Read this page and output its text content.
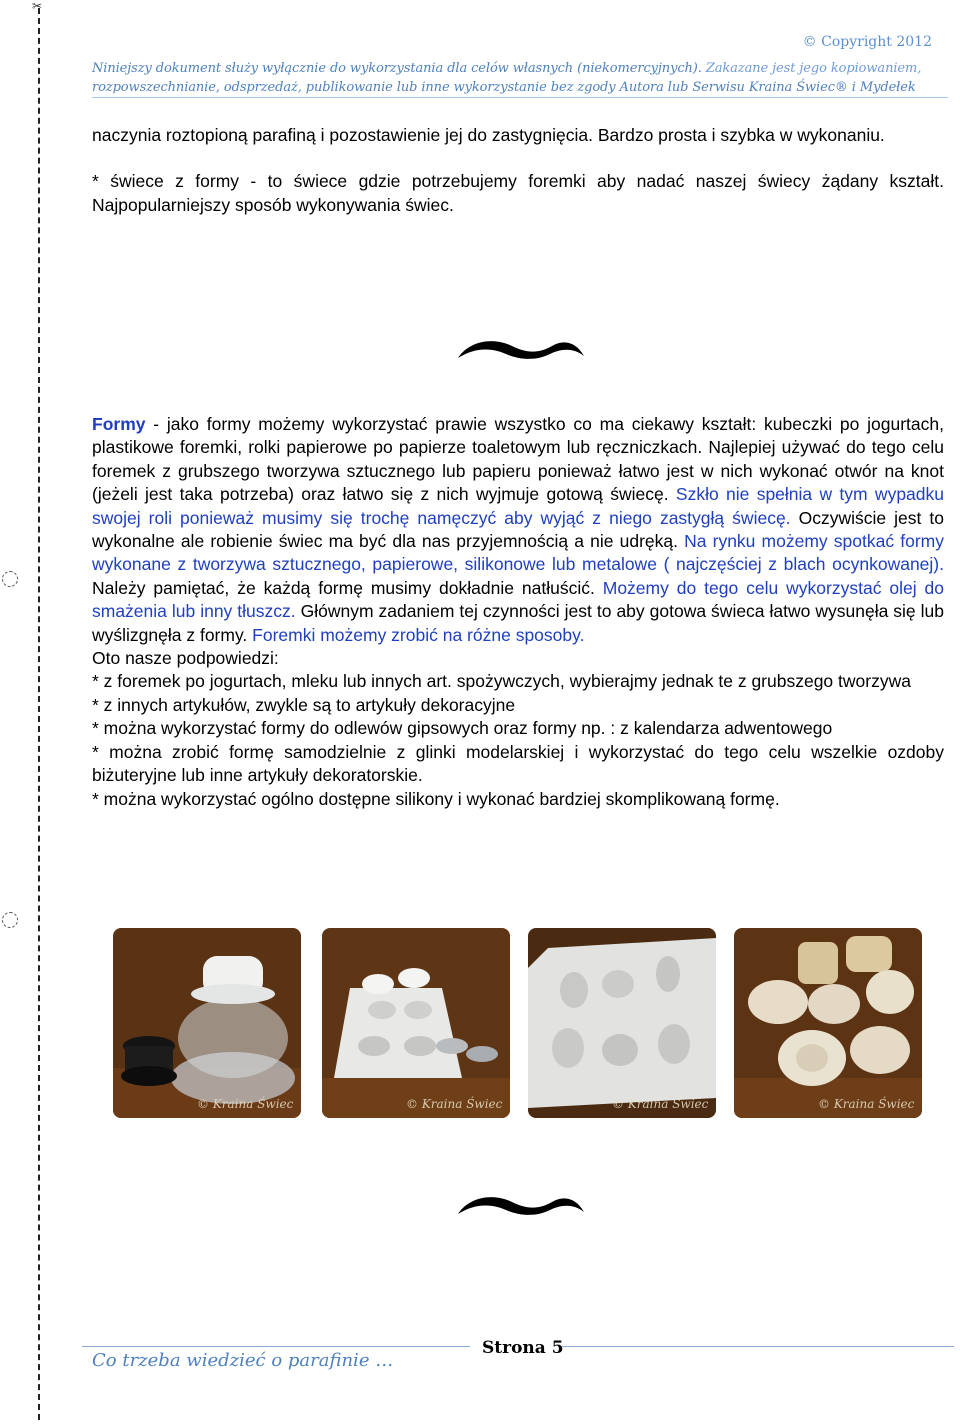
✂
© Copyright 2012
Niniejszy dokument służy wyłącznie do wykorzystania dla celów własnych (niekomercyjnych). Zakazane jest jego kopiowaniem,
rozpowszechnianie, odsprzedaż, publikowanie lub inne wykorzystanie bez zgody Autora lub Serwisu Kraina Świec® i Mydełek

naczynia roztopioną parafiną i pozostawienie jej do zastygnięcia. Bardzo prosta i szybka w wykonaniu.

* świece z formy - to świece gdzie potrzebujemy foremki aby nadać naszej świecy żądany kształt. Najpopularniejszy sposób wykonywania świec.

Formy - jako formy możemy wykorzystać prawie wszystko co ma ciekawy kształt: kubeczki po jogurtach, plastikowe foremki, rolki papierowe po papierze toaletowym lub ręczniczkach. Najlepiej używać do tego celu foremek z grubszego tworzywa sztucznego lub papieru ponieważ łatwo jest w nich wykonać otwór na knot (jeżeli jest taka potrzeba) oraz łatwo się z nich wyjmuje gotową świecę. Szkło nie spełnia w tym wypadku swojej roli ponieważ musimy się trochę namęczyć aby wyjąć z niego zastygłą świecę. Oczywiście jest to wykonalne ale robienie świec ma być dla nas przyjemnością a nie udręką. Na rynku możemy spotkać formy wykonane z tworzywa sztucznego, papierowe, silikonowe lub metalowe ( najczęściej z blach ocynkowanej). Należy pamiętać, że każdą formę musimy dokładnie natłuścić. Możemy do tego celu wykorzystać olej do smażenia lub inny tłuszcz. Głównym zadaniem tej czynności jest to aby gotowa świeca łatwo wysunęła się lub wyślizgnęła z formy. Foremki możemy zrobić na różne sposoby.

Oto nasze podpowiedzi:

* z foremek po jogurtach, mleku lub innych art. spożywczych, wybierajmy jednak te z grubszego tworzywa

* z innych artykułów, zwykle są to artykuły dekoracyjne

* można wykorzystać formy do odlewów gipsowych oraz formy np. : z kalendarza adwentowego

* można zrobić formę samodzielnie z glinki modelarskiej i wykorzystać do tego celu wszelkie ozdoby biżuteryjne lub inne artykuły dekoratorskie.

* można wykorzystać ogólno dostępne silikony i wykonać bardziej skomplikowaną formę.

© Kraina Świec	© Kraina Świec	© Kraina Świec	© Kraina Świec
Strona 5
Co trzeba wiedzieć o parafinie …
